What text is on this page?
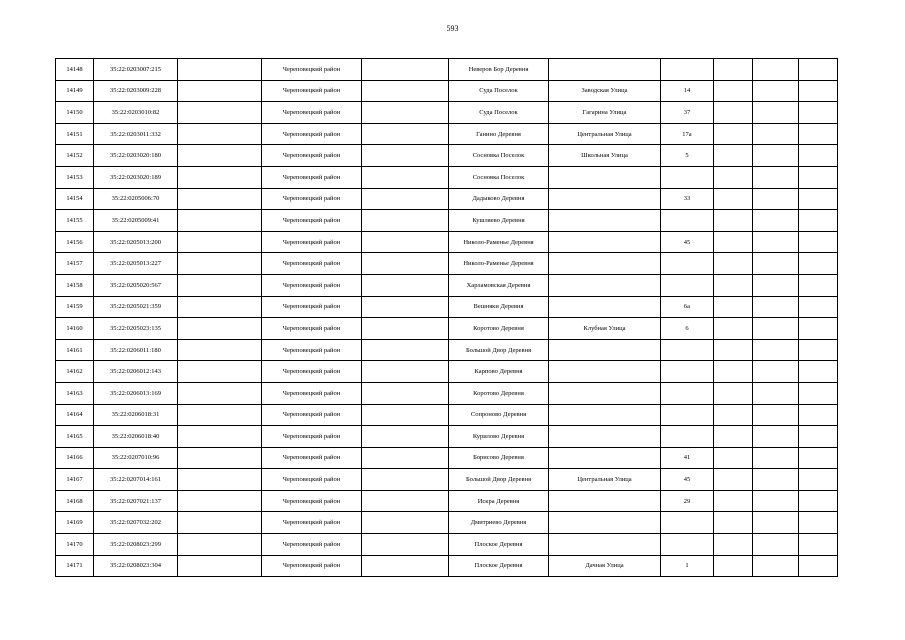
593
14148	35:22:0203007:215		Череповецкий район		Неверов Бор Деревня					
14149	35:22:0203009:228		Череповецкий район		Суда Поселок	Заводская Улица	14			
14150	35:22:0203010:82		Череповецкий район		Суда Поселок	Гагарина Улица	37			
14151	35:22:0203011:332		Череповецкий район		Ганино Деревня	Центральная Улица	17а			
14152	35:22:0203020:180		Череповецкий район		Сосновка Поселок	Школьная Улица	5			
14153	35:22:0203020:189		Череповецкий район		Сосновка Поселок					
14154	35:22:0205006:70		Череповецкий район		Дадыково Деревня		33			
14155	35:22:0205009:41		Череповецкий район		Кушляево Деревня					
14156	35:22:0205013:200		Череповецкий район		Николо-Раменье Деревня		45			
14157	35:22:0205013:227		Череповецкий район		Николо-Раменье Деревня					
14158	35:22:0205020:567		Череповецкий район		Харламовская Деревня					
14159	35:22:0205021:359		Череповецкий район		Вешняки Деревня		6а			
14160	35:22:0205023:135		Череповецкий район		Коротово Деревня	Клубная Улица	6			
14161	35:22:0206011:180		Череповецкий район		Большой Двор Деревня					
14162	35:22:0206012:143		Череповецкий район		Карпово Деревня					
14163	35:22:0206013:169		Череповецкий район		Коротово Деревня					
14164	35:22:0206018:31		Череповецкий район		Сопроново Деревня					
14165	35:22:0206018:40		Череповецкий район		Курилово Деревня					
14166	35:22:0207010:96		Череповецкий район		Борисово Деревня		41			
14167	35:22:0207014:161		Череповецкий район		Большой Двор Деревня	Центральная Улица	45			
14168	35:22:0207021:137		Череповецкий район		Искра Деревня		29			
14169	35:22:0207032:202		Череповецкий район		Дмитриево Деревня					
14170	35:22:0208023:299		Череповецкий район		Плоское Деревня					
14171	35:22:0208023:304		Череповецкий район		Плоское Деревня	Дачная Улица	1			
